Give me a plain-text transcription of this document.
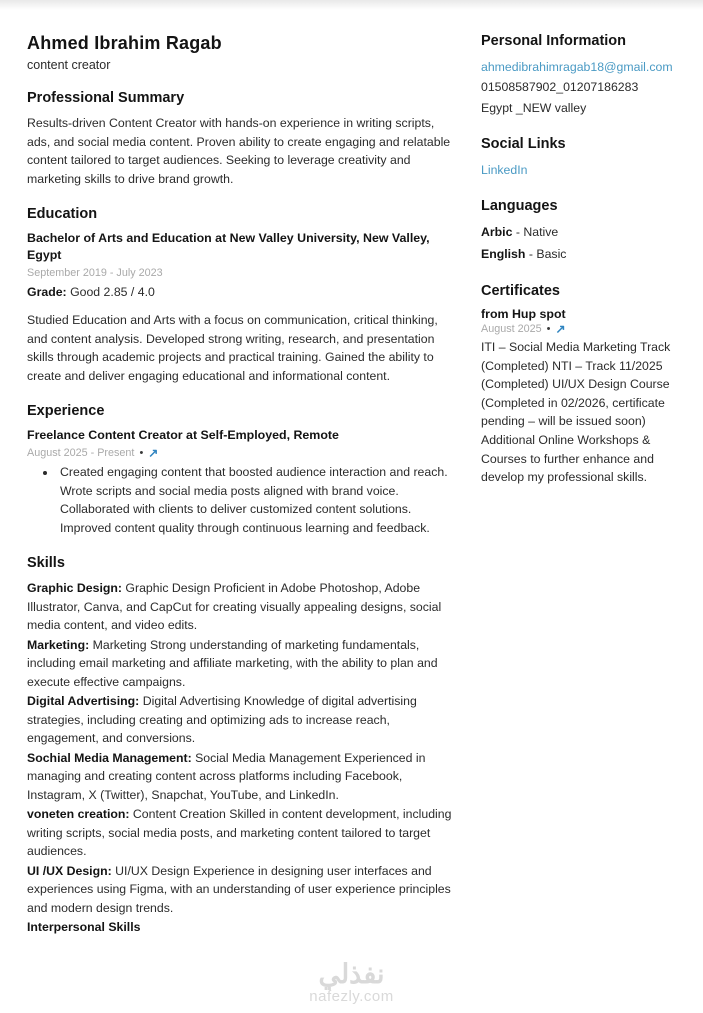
Ahmed Ibrahim Ragab
content creator
Professional Summary

Results-driven Content Creator with hands-on experience in writing scripts, ads, and social media content. Proven ability to create engaging and relatable content tailored to target audiences. Seeking to leverage creativity and marketing skills to drive brand growth.

Education
Bachelor of Arts and Education at New Valley University, New Valley, Egypt
September 2019 - July 2023
Grade: Good 2.85 / 4.0

Studied Education and Arts with a focus on communication, critical thinking, and content analysis. Developed strong writing, research, and presentation skills through academic projects and practical training. Gained the ability to create and deliver engaging educational and informational content.

Experience
Freelance Content Creator at Self-Employed, Remote
August 2025 - Present • ↗
• Created engaging content that boosted audience interaction and reach. Wrote scripts and social media posts aligned with brand voice. Collaborated with clients to deliver customized content solutions. Improved content quality through continuous learning and feedback.
Skills

Graphic Design: Graphic Design Proficient in Adobe Photoshop, Adobe Illustrator, Canva, and CapCut for creating visually appealing designs, social media content, and video edits.

Marketing: Marketing Strong understanding of marketing fundamentals, including email marketing and affiliate marketing, with the ability to plan and execute effective campaigns.

Digital Advertising: Digital Advertising Knowledge of digital advertising strategies, including creating and optimizing ads to increase reach, engagement, and conversions.

Sochial Media Management: Social Media Management Experienced in managing and creating content across platforms including Facebook, Instagram, X (Twitter), Snapchat, YouTube, and LinkedIn.

voneten creation: Content Creation Skilled in content development, including writing scripts, social media posts, and marketing content tailored to target audiences.

UI /UX Design: UI/UX Design Experience in designing user interfaces and experiences using Figma, with an understanding of user experience principles and modern design trends.

Interpersonal Skills

Personal Information
ahmedibrahimragab18@gmail.com
01508587902_01207186283
Egypt _NEW valley
Social Links
LinkedIn
Languages
Arbic - Native
English - Basic
Certificates
from Hup spot
August 2025 • ↗

ITI – Social Media Marketing Track (Completed) NTI – Track 11/2025 (Completed) UI/UX Design Course (Completed in 02/2026, certificate pending – will be issued soon) Additional Online Workshops & Courses to further enhance and develop my professional skills.

نفذلي
nafezly.com
